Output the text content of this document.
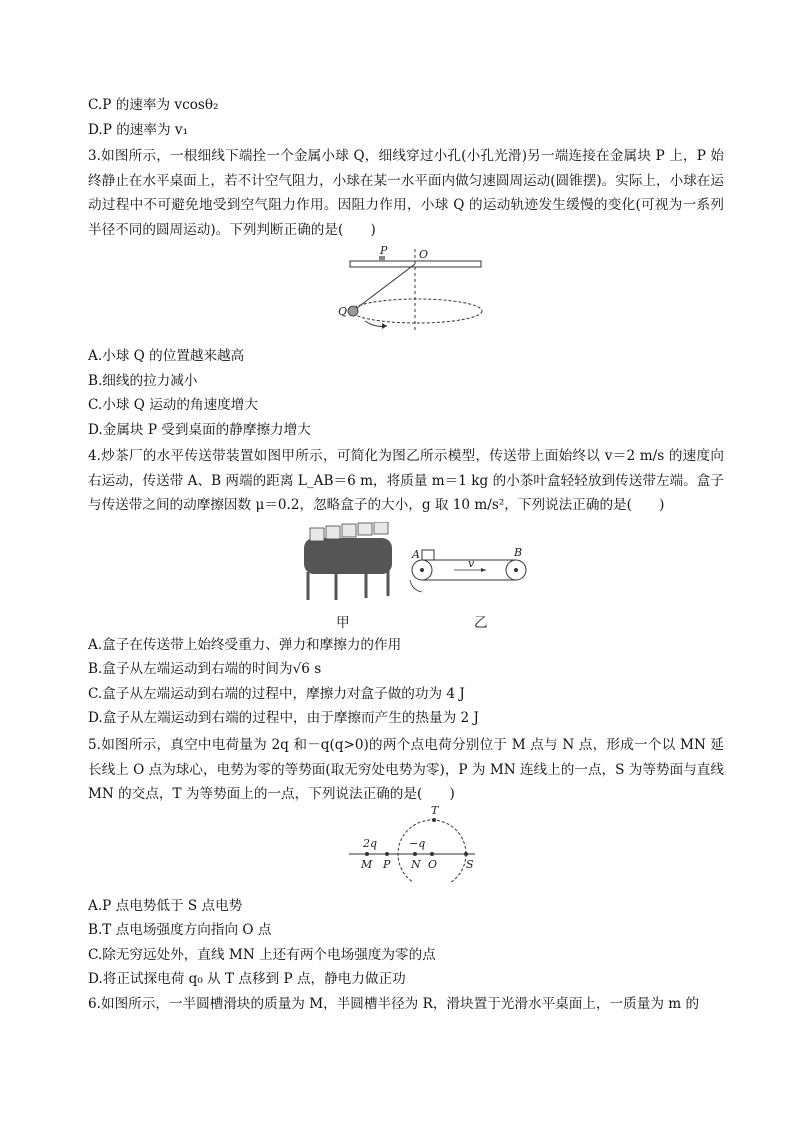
C.P 的速率为 vcosθ₂
D.P 的速率为 v₁
3.如图所示，一根细线下端拴一个金属小球 Q，细线穿过小孔(小孔光滑)另一端连接在金属块 P 上，P 始终静止在水平桌面上，若不计空气阻力，小球在某一水平面内做匀速圆周运动(圆锥摆)。实际上，小球在运动过程中不可避免地受到空气阻力作用。因阻力作用，小球 Q 的运动轨迹发生缓慢的变化(可视为一系列半径不同的圆周运动)。下列判断正确的是(　　)
P	O
Q
A.小球 Q 的位置越来越高
B.细线的拉力减小
C.小球 Q 运动的角速度增大
D.金属块 P 受到桌面的静摩擦力增大
4.炒茶厂的水平传送带装置如图甲所示，可简化为图乙所示模型，传送带上面始终以 v＝2 m/s 的速度向右运动，传送带 A、B 两端的距离 L_AB＝6 m，将质量 m＝1 kg 的小茶叶盒轻轻放到传送带左端。盒子与传送带之间的动摩擦因数 μ＝0.2，忽略盒子的大小，g 取 10 m/s²，下列说法正确的是(　　)
A	B
v
甲	乙
A.盒子在传送带上始终受重力、弹力和摩擦力的作用
B.盒子从左端运动到右端的时间为√6 s
C.盒子从左端运动到右端的过程中，摩擦力对盒子做的功为 4 J
D.盒子从左端运动到右端的过程中，由于摩擦而产生的热量为 2 J
5.如图所示，真空中电荷量为 2q 和－q(q>0)的两个点电荷分别位于 M 点与 N 点，形成一个以 MN 延长线上 O 点为球心，电势为零的等势面(取无穷处电势为零)，P 为 MN 连线上的一点，S 为等势面与直线 MN 的交点，T 为等势面上的一点，下列说法正确的是(　　)
2q	−q
M P N O	S
T
A.P 点电势低于 S 点电势
B.T 点电场强度方向指向 O 点
C.除无穷远处外，直线 MN 上还有两个电场强度为零的点
D.将正试探电荷 q₀ 从 T 点移到 P 点，静电力做正功
6.如图所示，一半圆槽滑块的质量为 M，半圆槽半径为 R，滑块置于光滑水平桌面上，一质量为 m 的
